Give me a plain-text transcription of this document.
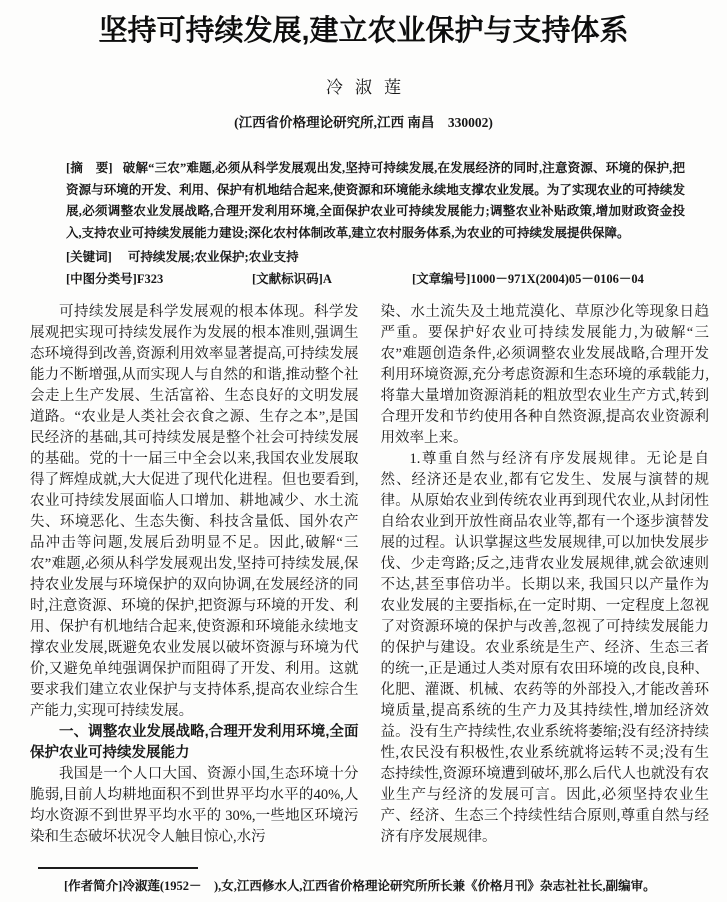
坚持可持续发展,建立农业保护与支持体系
冷淑莲
(江西省价格理论研究所,江西 南昌　330002)
[摘　要] 破解“三农”难题,必须从科学发展观出发,坚持可持续发展,在发展经济的同时,注意资源、环境的保护,把资源与环境的开发、利用、保护有机地结合起来,使资源和环境能永续地支撑农业发展。为了实现农业的可持续发展,必须调整农业发展战略,合理开发利用环境,全面保护农业可持续发展能力;调整农业补贴政策,增加财政资金投入,支持农业可持续发展能力建设;深化农村体制改革,建立农村服务体系,为农业的可持续发展提供保障。
[关键词] 可持续发展;农业保护;农业支持
[中图分类号]F323	[文献标识码]A	[文章编号]1000－971X(2004)05－0106－04

可持续发展是科学发展观的根本体现。科学发展观把实现可持续发展作为发展的根本准则,强调生态环境得到改善,资源利用效率显著提高,可持续发展能力不断增强,从而实现人与自然的和谐,推动整个社会走上生产发展、生活富裕、生态良好的文明发展道路。“农业是人类社会衣食之源、生存之本”,是国民经济的基础,其可持续发展是整个社会可持续发展的基础。党的十一届三中全会以来,我国农业发展取得了辉煌成就,大大促进了现代化进程。但也要看到,农业可持续发展面临人口增加、耕地减少、水土流失、环境恶化、生态失衡、科技含量低、国外农产品冲击等问题,发展后劲明显不足。因此,破解“三农”难题,必须从科学发展观出发,坚持可持续发展,保持农业发展与环境保护的双向协调,在发展经济的同时,注意资源、环境的保护,把资源与环境的开发、利用、保护有机地结合起来,使资源和环境能永续地支撑农业发展,既避免农业发展以破坏资源与环境为代价,又避免单纯强调保护而阻碍了开发、利用。这就要求我们建立农业保护与支持体系,提高农业综合生产能力,实现可持续发展。

一、调整农业发展战略,合理开发利用环境,全面保护农业可持续发展能力

我国是一个人口大国、资源小国,生态环境十分脆弱,目前人均耕地面积不到世界平均水平的40%,人均水资源不到世界平均水平的 30%,一些地区环境污染和生态破坏状况令人触目惊心,水污

染、水土流失及土地荒漠化、草原沙化等现象日趋严重。要保护好农业可持续发展能力,为破解“三农”难题创造条件,必须调整农业发展战略,合理开发利用环境资源,充分考虑资源和生态环境的承载能力,将靠大量增加资源消耗的粗放型农业生产方式,转到合理开发和节约使用各种自然资源,提高农业资源利用效率上来。

1.尊重自然与经济有序发展规律。无论是自然、经济还是农业,都有它发生、发展与演替的规律。从原始农业到传统农业再到现代农业,从封闭性自给农业到开放性商品农业等,都有一个逐步演替发展的过程。认识掌握这些发展规律,可以加快发展步伐、少走弯路;反之,违背农业发展规律,就会欲速则不达,甚至事倍功半。长期以来, 我国只以产量作为农业发展的主要指标,在一定时期、一定程度上忽视了对资源环境的保护与改善,忽视了可持续发展能力的保护与建设。农业系统是生产、经济、生态三者的统一,正是通过人类对原有农田环境的改良,良种、化肥、灌溉、机械、农药等的外部投入,才能改善环境质量,提高系统的生产力及其持续性,增加经济效益。没有生产持续性,农业系统将萎缩;没有经济持续性,农民没有积极性,农业系统就将运转不灵;没有生态持续性,资源环境遭到破坏,那么后代人也就没有农业生产与经济的发展可言。因此,必须坚持农业生产、经济、生态三个持续性结合原则,尊重自然与经济有序发展规律。

[作者简介]冷淑莲(1952－　),女,江西修水人,江西省价格理论研究所所长兼《价格月刊》杂志社社长,副编审。
